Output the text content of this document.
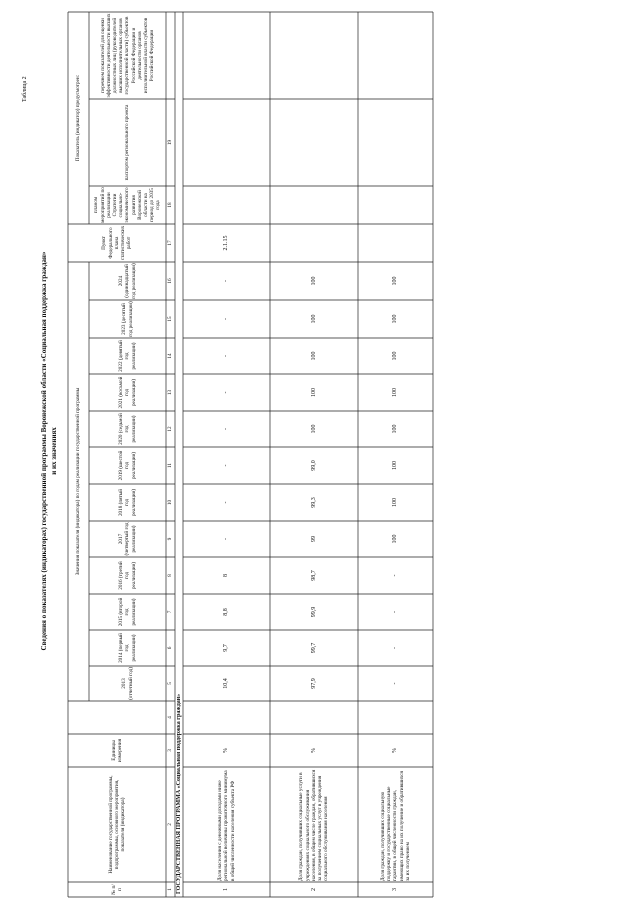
Таблица 2
Сведения о показателях (индикаторах) государственной программы Воронежской области «Социальная поддержка граждан» и их значениях
№ п/п
Наименование государственной программы, подпрограммы, основного мероприятия, показателя (индикатора)
Единицы измерения
Значения показателя (индикатора) по годам реализации государственной программы
2013 (отчетный год)
2014 (первый год реализации)
2015 (второй год реализации)
2016 (третий год реализации)
2017 (четвертый год реализации)
2018 (пятый год реализации)
2019 (шестой год реализации)
2020 (седьмой год реализации)
2021 (восьмой год реализации)
2022 (девятый год реализации)
2023 (десятый год реализации)
2024 (одиннадцатый год реализации)
Пункт Федерального плана статистических работ
Показатель (индикатор) предусмотрен:
планом мероприятий по реализации Стратегии социально-экономического развития Воронежской области на период до 2035 года
паспортом регионального проекта
перечнем показателей для оценки эффективности деятельности высших должностных лиц (руководителей высших исполнительных органов государственной власти) субъектов Российской Федерации и деятельности органов исполнительной власти субъектов Российской Федерации
1
2
3
4
5
6
7
8
9
10
11
12
13
14
15
16
17
18
19
ГОСУДАРСТВЕННАЯ ПРОГРАММА «Социальная поддержка граждан»	1
Доля населения с денежными доходами ниже региональной величины прожиточного минимума в общей численности населения субъекта РФ
%
10,4
9,7
8,8
8
-
-
-
-
-
-
-
-
2.1.15
2
Доля граждан, получивших социальные услуги в учреждениях социального обслуживания населения, в общем числе граждан, обратившихся за получением социальных услуг в учреждения социального обслуживания населения
%
97,9
99,7
99,9
98,7
99
99,3
99,0
100
100
100
100
100
3
Доля граждан, получивших социальную поддержку и государственные социальные гарантии, в общей численности граждан, имеющих право на их получение и обратившихся за их получением
%
-
-
-
-
100
100
100
100
100
100
100
100
